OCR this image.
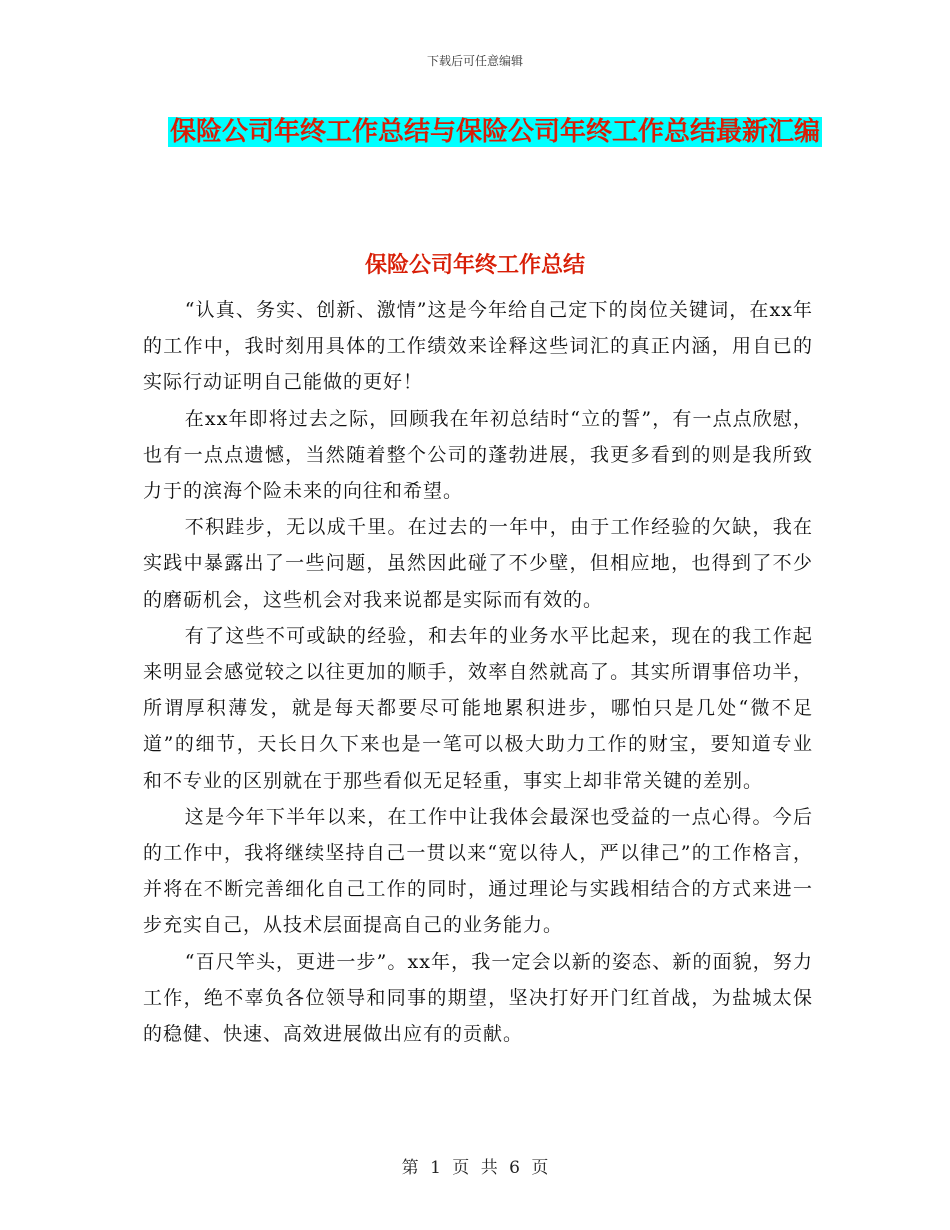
下载后可任意编辑
保险公司年终工作总结与保险公司年终工作总结最新汇编
保险公司年终工作总结

“认真、务实、创新、激情”这是今年给自己定下的岗位关键词，在xx年的工作中，我时刻用具体的工作绩效来诠释这些词汇的真正内涵，用自已的实际行动证明自己能做的更好！

在xx年即将过去之际，回顾我在年初总结时“立的誓”，有一点点欣慰，也有一点点遗憾，当然随着整个公司的蓬勃进展，我更多看到的则是我所致力于的滨海个险未来的向往和希望。

不积跬步，无以成千里。在过去的一年中，由于工作经验的欠缺，我在实践中暴露出了一些问题，虽然因此碰了不少壁，但相应地，也得到了不少的磨砺机会，这些机会对我来说都是实际而有效的。

有了这些不可或缺的经验，和去年的业务水平比起来，现在的我工作起来明显会感觉较之以往更加的顺手，效率自然就高了。其实所谓事倍功半，所谓厚积薄发，就是每天都要尽可能地累积进步，哪怕只是几处“微不足道”的细节，天长日久下来也是一笔可以极大助力工作的财宝，要知道专业和不专业的区别就在于那些看似无足轻重，事实上却非常关键的差别。

这是今年下半年以来，在工作中让我体会最深也受益的一点心得。今后的工作中，我将继续坚持自己一贯以来“宽以待人，严以律己”的工作格言，并将在不断完善细化自己工作的同时，通过理论与实践相结合的方式来进一步充实自己，从技术层面提高自己的业务能力。

“百尺竿头，更进一步”。xx年，我一定会以新的姿态、新的面貌，努力工作，绝不辜负各位领导和同事的期望，坚决打好开门红首战，为盐城太保的稳健、快速、高效进展做出应有的贡献。

第 1 页 共 6 页
